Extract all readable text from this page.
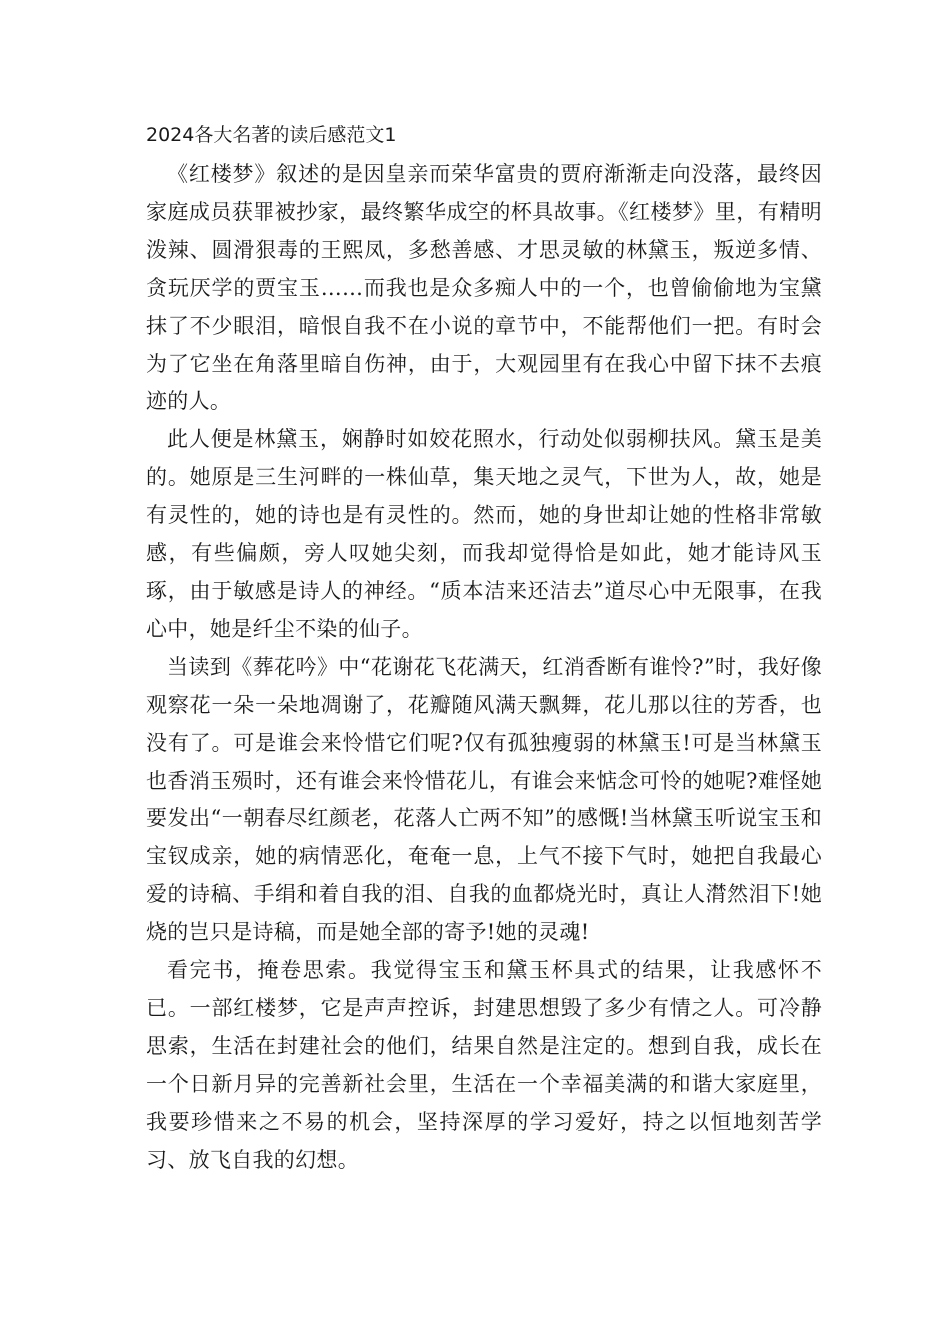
2024各大名著的读后感范文1

《红楼梦》叙述的是因皇亲而荣华富贵的贾府渐渐走向没落，最终因家庭成员获罪被抄家，最终繁华成空的杯具故事。《红楼梦》里，有精明泼辣、圆滑狠毒的王熙凤，多愁善感、才思灵敏的林黛玉，叛逆多情、贪玩厌学的贾宝玉……而我也是众多痴人中的一个，也曾偷偷地为宝黛抹了不少眼泪，暗恨自我不在小说的章节中，不能帮他们一把。有时会为了它坐在角落里暗自伤神，由于，大观园里有在我心中留下抹不去痕迹的人。

此人便是林黛玉，娴静时如姣花照水，行动处似弱柳扶风。黛玉是美的。她原是三生河畔的一株仙草，集天地之灵气，下世为人，故，她是有灵性的，她的诗也是有灵性的。然而，她的身世却让她的性格非常敏感，有些偏颇，旁人叹她尖刻，而我却觉得恰是如此，她才能诗风玉琢，由于敏感是诗人的神经。“质本洁来还洁去”道尽心中无限事，在我心中，她是纤尘不染的仙子。

当读到《葬花吟》中“花谢花飞花满天，红消香断有谁怜?”时，我好像观察花一朵一朵地凋谢了，花瓣随风满天飘舞，花儿那以往的芳香，也没有了。可是谁会来怜惜它们呢?仅有孤独瘦弱的林黛玉!可是当林黛玉也香消玉殒时，还有谁会来怜惜花儿，有谁会来惦念可怜的她呢?难怪她要发出“一朝春尽红颜老，花落人亡两不知”的感慨!当林黛玉听说宝玉和宝钗成亲，她的病情恶化，奄奄一息，上气不接下气时，她把自我最心爱的诗稿、手绢和着自我的泪、自我的血都烧光时，真让人潸然泪下!她烧的岂只是诗稿，而是她全部的寄予!她的灵魂!

看完书，掩卷思索。我觉得宝玉和黛玉杯具式的结果，让我感怀不已。一部红楼梦，它是声声控诉，封建思想毁了多少有情之人。可冷静思索，生活在封建社会的他们，结果自然是注定的。想到自我，成长在一个日新月异的完善新社会里，生活在一个幸福美满的和谐大家庭里，我要珍惜来之不易的机会，坚持深厚的学习爱好，持之以恒地刻苦学习、放飞自我的幻想。
